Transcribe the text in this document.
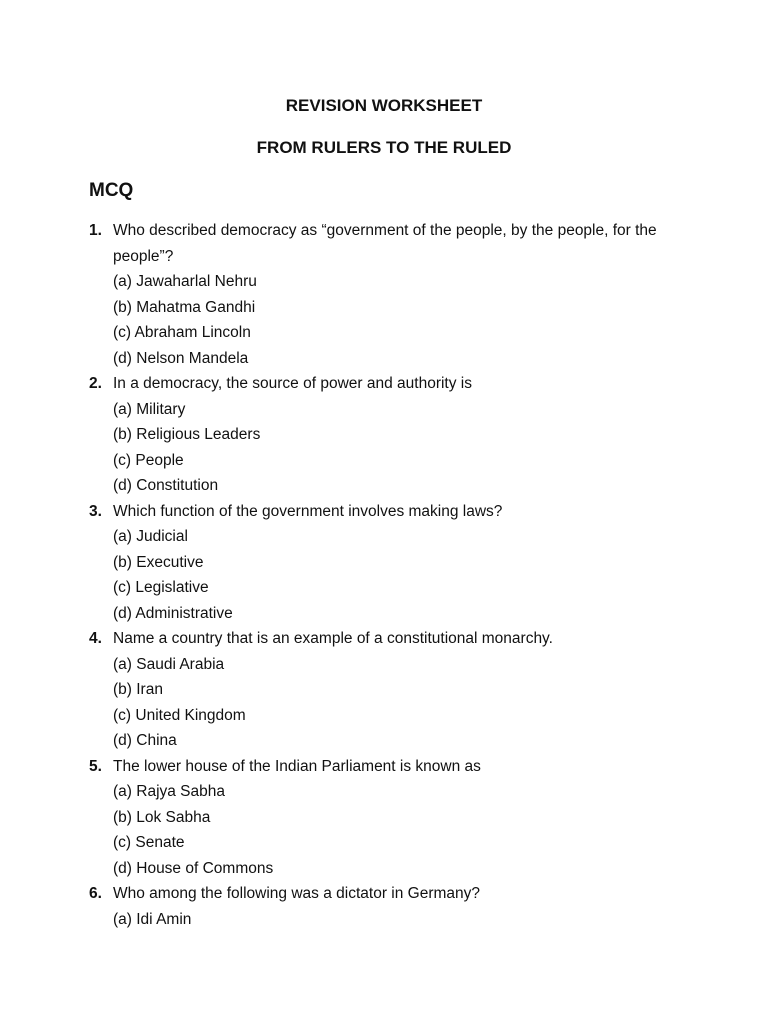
REVISION WORKSHEET
FROM RULERS TO THE RULED
MCQ
1. Who described democracy as “government of the people, by the people, for the people”?
(a) Jawaharlal Nehru
(b) Mahatma Gandhi
(c) Abraham Lincoln
(d) Nelson Mandela
2. In a democracy, the source of power and authority is
(a) Military
(b) Religious Leaders
(c) People
(d) Constitution
3. Which function of the government involves making laws?
(a) Judicial
(b) Executive
(c) Legislative
(d) Administrative
4. Name a country that is an example of a constitutional monarchy.
(a) Saudi Arabia
(b) Iran
(c) United Kingdom
(d) China
5. The lower house of the Indian Parliament is known as
(a) Rajya Sabha
(b) Lok Sabha
(c) Senate
(d) House of Commons
6. Who among the following was a dictator in Germany?
(a) Idi Amin
